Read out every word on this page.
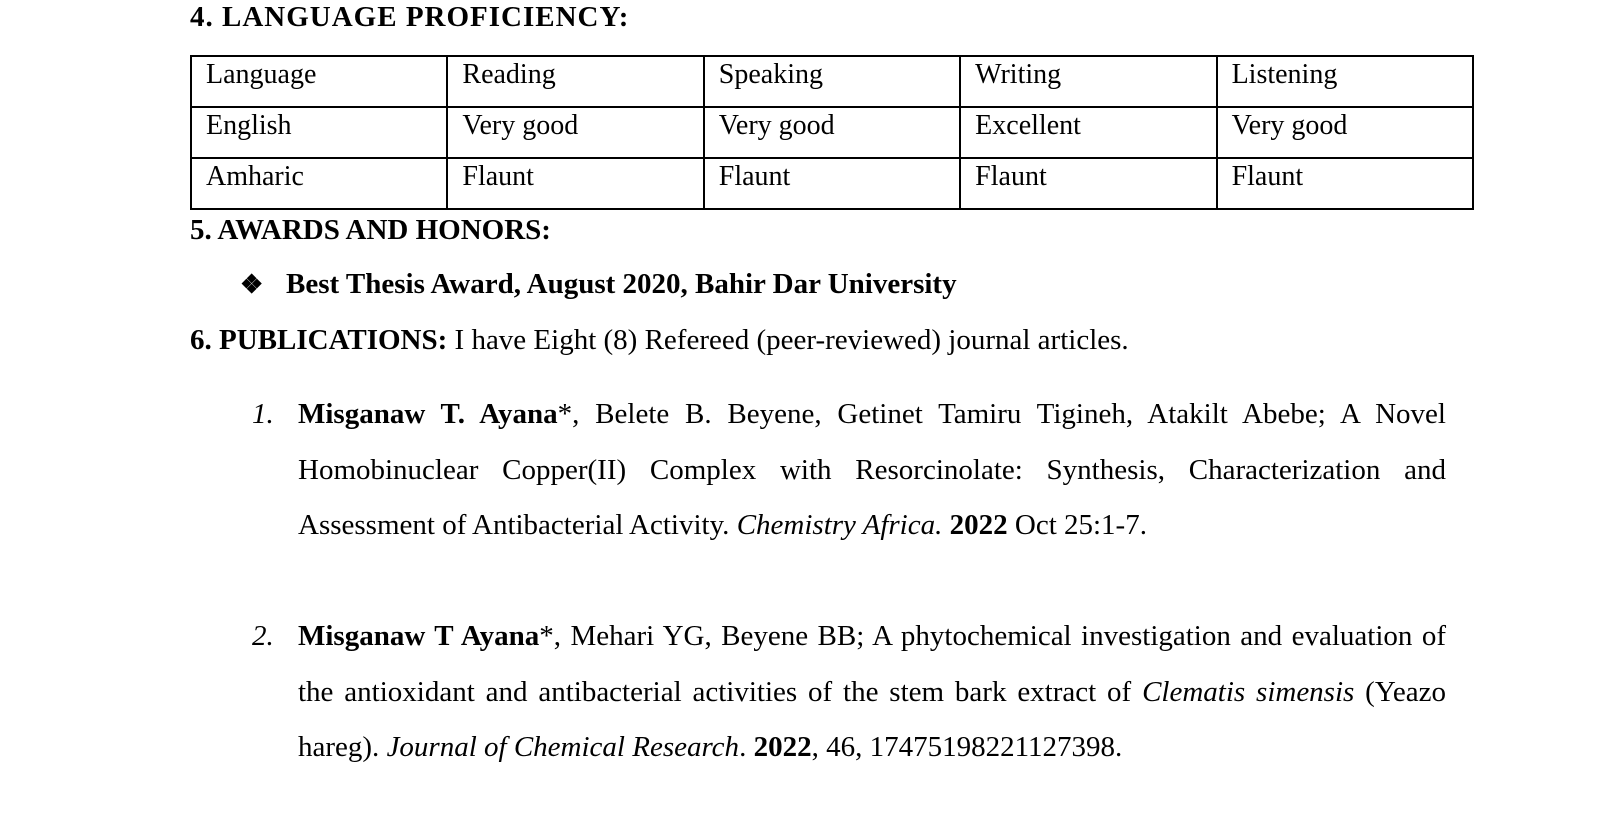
4. LANGUAGE PROFICIENCY:
Language	Reading	Speaking	Writing	Listening
English	Very good	Very good	Excellent	Very good
Amharic	Flaunt	Flaunt	Flaunt	Flaunt
5. AWARDS AND HONORS:
❖ Best Thesis Award, August 2020, Bahir Dar University
6. PUBLICATIONS: I have Eight (8) Refereed (peer-reviewed) journal articles.
1. Misganaw T. Ayana*, Belete B. Beyene, Getinet Tamiru Tigineh, Atakilt Abebe; A Novel Homobinuclear Copper(II) Complex with Resorcinolate: Synthesis, Characterization and Assessment of Antibacterial Activity. Chemistry Africa. 2022 Oct 25:1-7.
2. Misganaw T Ayana*, Mehari YG, Beyene BB; A phytochemical investigation and evaluation of the antioxidant and antibacterial activities of the stem bark extract of Clematis simensis (Yeazo hareg). Journal of Chemical Research. 2022, 46, 17475198221127398.
